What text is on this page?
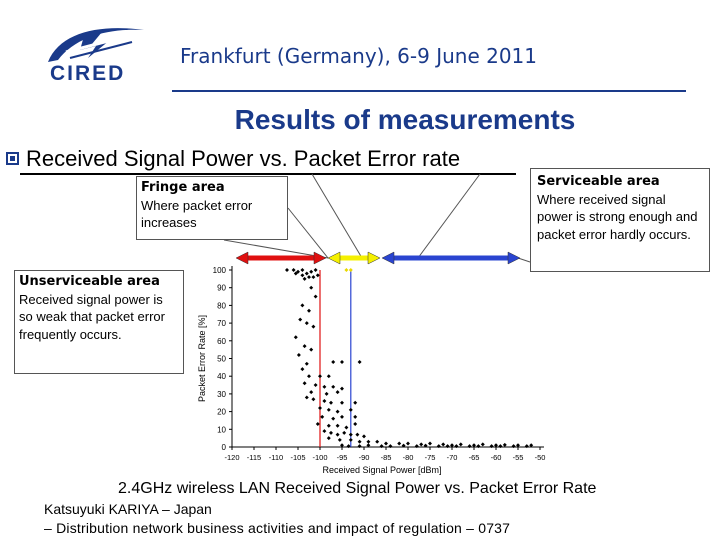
CIRED
Frankfurt (Germany), 6-9 June 2011
Results of measurements
Received Signal Power vs. Packet Error rate
0
10
20
30
40
50
60
70
80
90
100
-120 -115 -110 -105 -100 -95 -90 -85 -80 -75 -70 -65 -60 -55 -50
Packet Error Rate [%]
Received Signal Power [dBm]
Fringe area
Where packet error increases
Serviceable area
Where received signal power is strong enough and packet error hardly occurs.
Unserviceable area
Received signal power is so weak that packet error frequently occurs.
2.4GHz wireless LAN Received Signal Power vs. Packet Error Rate
Katsuyuki KARIYA – Japan
– Distribution network business activities and impact of regulation – 0737
